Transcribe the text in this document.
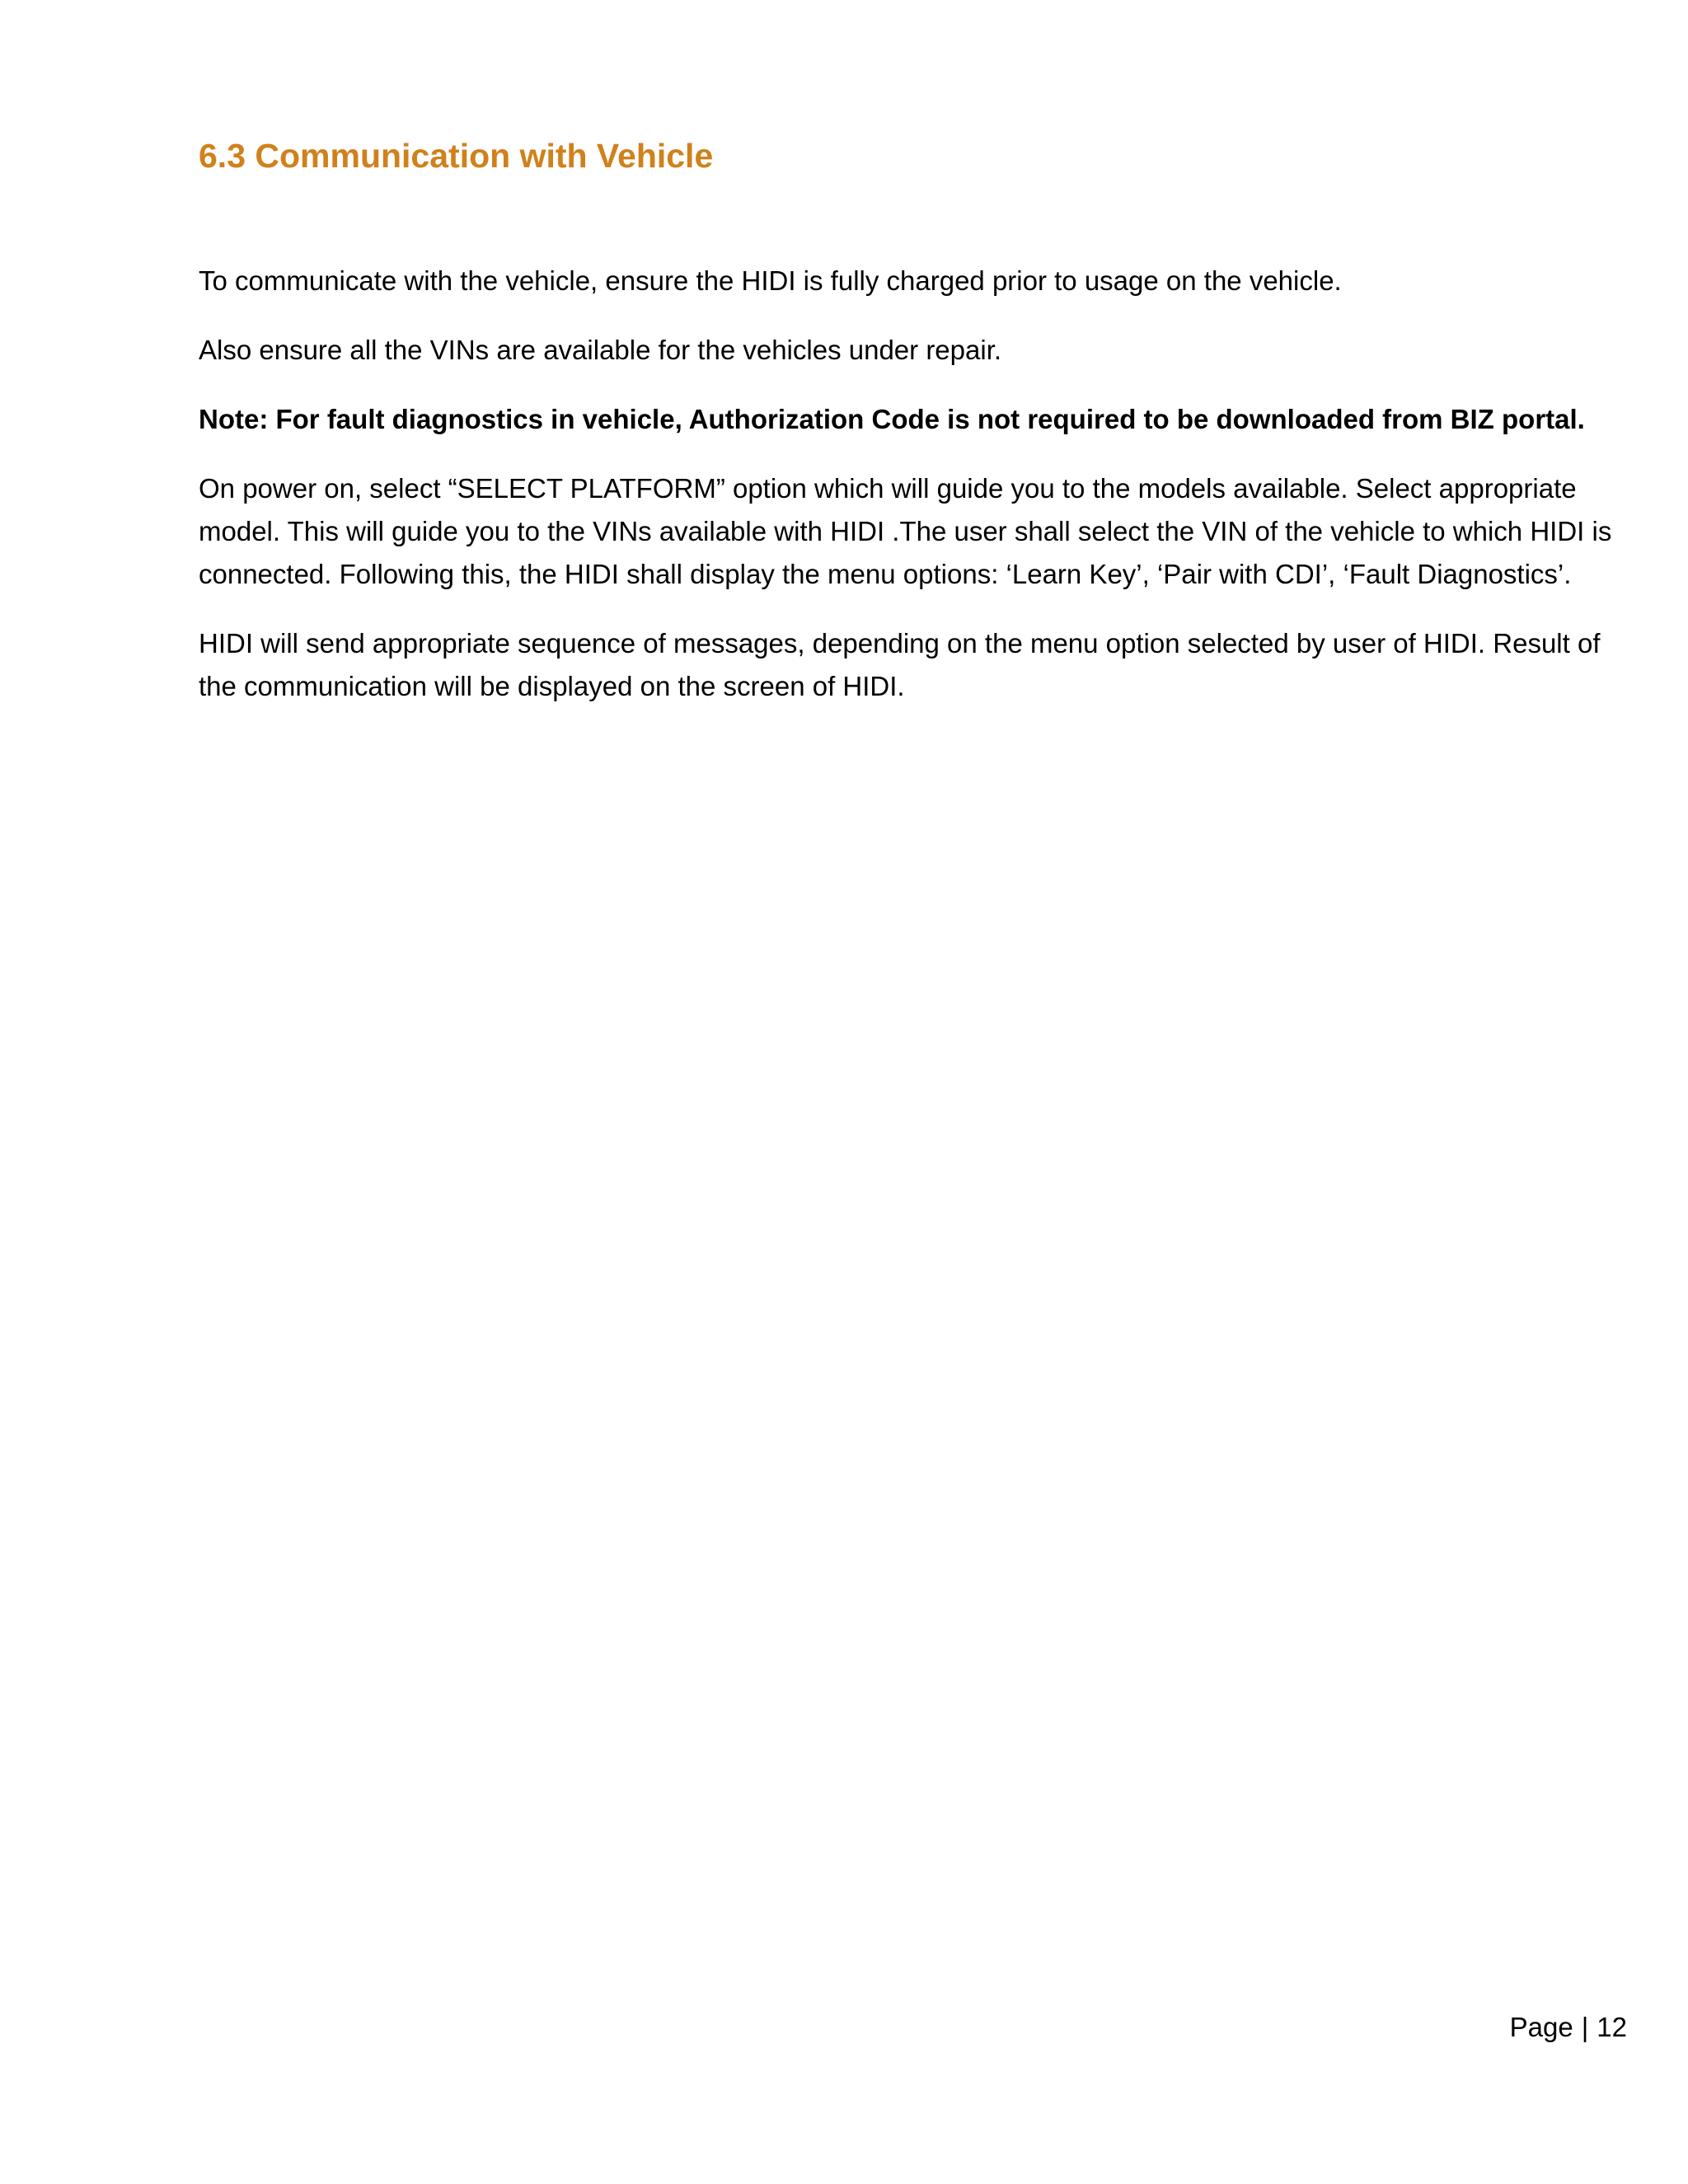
6.3 Communication with Vehicle

To communicate with the vehicle, ensure the HIDI is fully charged prior to usage on the vehicle.

Also ensure all the VINs are available for the vehicles under repair.

Note: For fault diagnostics in vehicle, Authorization Code is not required to be downloaded from BIZ portal.

On power on, select “SELECT PLATFORM” option which will guide you to the models available. Select appropriate model. This will guide you to the VINs available with HIDI .The user shall select the VIN of the vehicle to which HIDI is connected. Following this, the HIDI shall display the menu options: ‘Learn Key’, ‘Pair with CDI’, ‘Fault Diagnostics’.

HIDI will send appropriate sequence of messages, depending on the menu option selected by user of HIDI. Result of the communication will be displayed on the screen of HIDI.

Page | 12
